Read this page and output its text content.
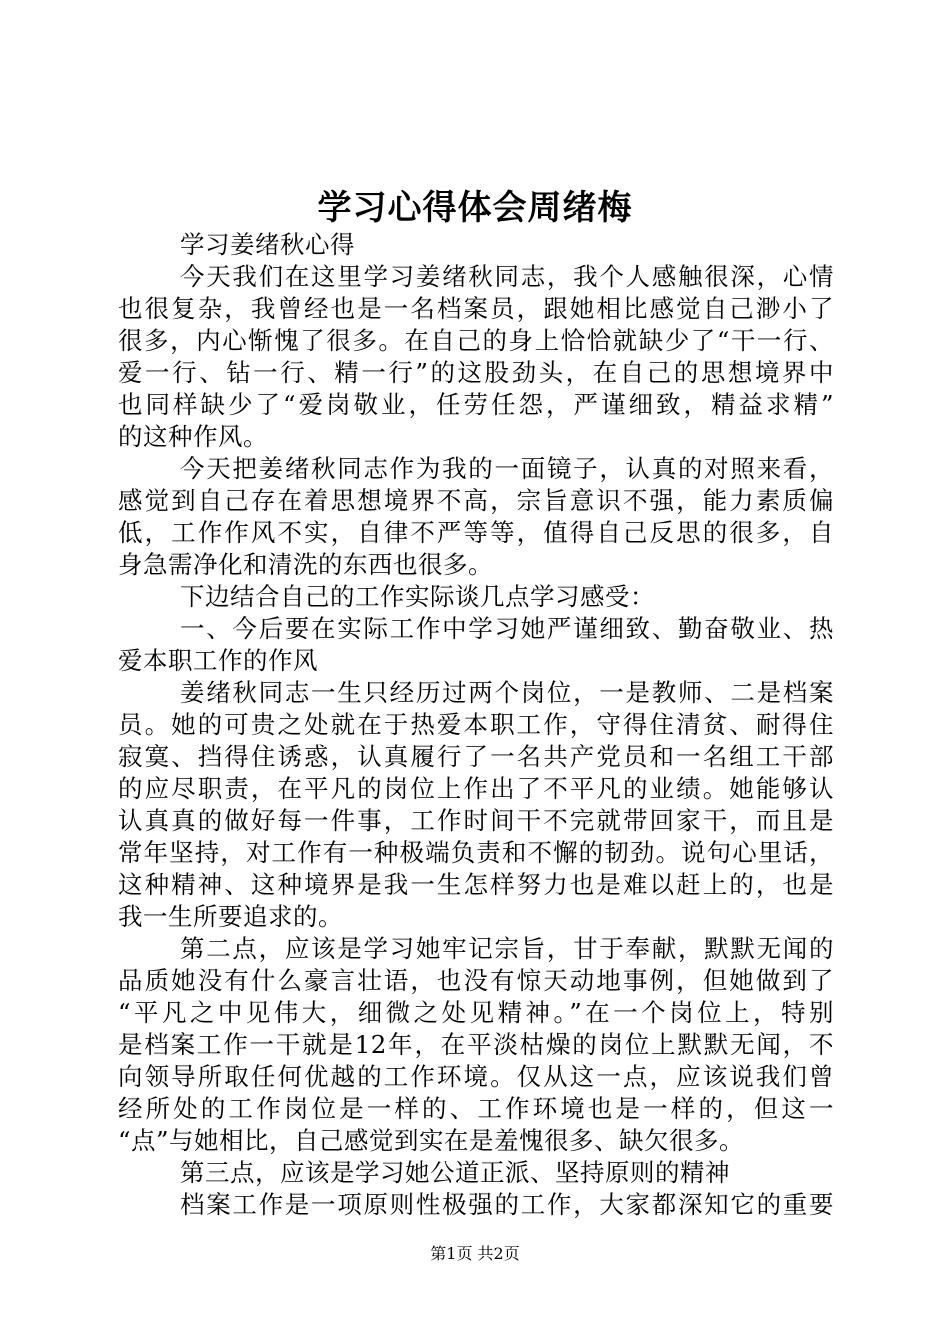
学习心得体会周绪梅
学习姜绪秋心得
今天我们在这里学习姜绪秋同志，我个人感触很深，心情
也很复杂，我曾经也是一名档案员，跟她相比感觉自己渺小了
很多，内心惭愧了很多。在自己的身上恰恰就缺少了“干一行、
爱一行、钻一行、精一行”的这股劲头，在自己的思想境界中
也同样缺少了“爱岗敬业，任劳任怨，严谨细致，精益求精”
的这种作风。
今天把姜绪秋同志作为我的一面镜子，认真的对照来看，
感觉到自己存在着思想境界不高，宗旨意识不强，能力素质偏
低，工作作风不实，自律不严等等，值得自己反思的很多，自
身急需净化和清洗的东西也很多。
下边结合自己的工作实际谈几点学习感受：
一、今后要在实际工作中学习她严谨细致、勤奋敬业、热
爱本职工作的作风
姜绪秋同志一生只经历过两个岗位，一是教师、二是档案
员。她的可贵之处就在于热爱本职工作，守得住清贫、耐得住
寂寞、挡得住诱惑，认真履行了一名共产党员和一名组工干部
的应尽职责，在平凡的岗位上作出了不平凡的业绩。她能够认
认真真的做好每一件事，工作时间干不完就带回家干，而且是
常年坚持，对工作有一种极端负责和不懈的韧劲。说句心里话，
这种精神、这种境界是我一生怎样努力也是难以赶上的，也是
我一生所要追求的。
第二点，应该是学习她牢记宗旨，甘于奉献，默默无闻的
品质她没有什么豪言壮语，也没有惊天动地事例，但她做到了
“平凡之中见伟大，细微之处见精神。”在一个岗位上，特别
是档案工作一干就是12年，在平淡枯燥的岗位上默默无闻，不
向领导所取任何优越的工作环境。仅从这一点，应该说我们曾
经所处的工作岗位是一样的、工作环境也是一样的，但这一
“点”与她相比，自己感觉到实在是羞愧很多、缺欠很多。
第三点，应该是学习她公道正派、坚持原则的精神
档案工作是一项原则性极强的工作，大家都深知它的重要
第1页 共2页
